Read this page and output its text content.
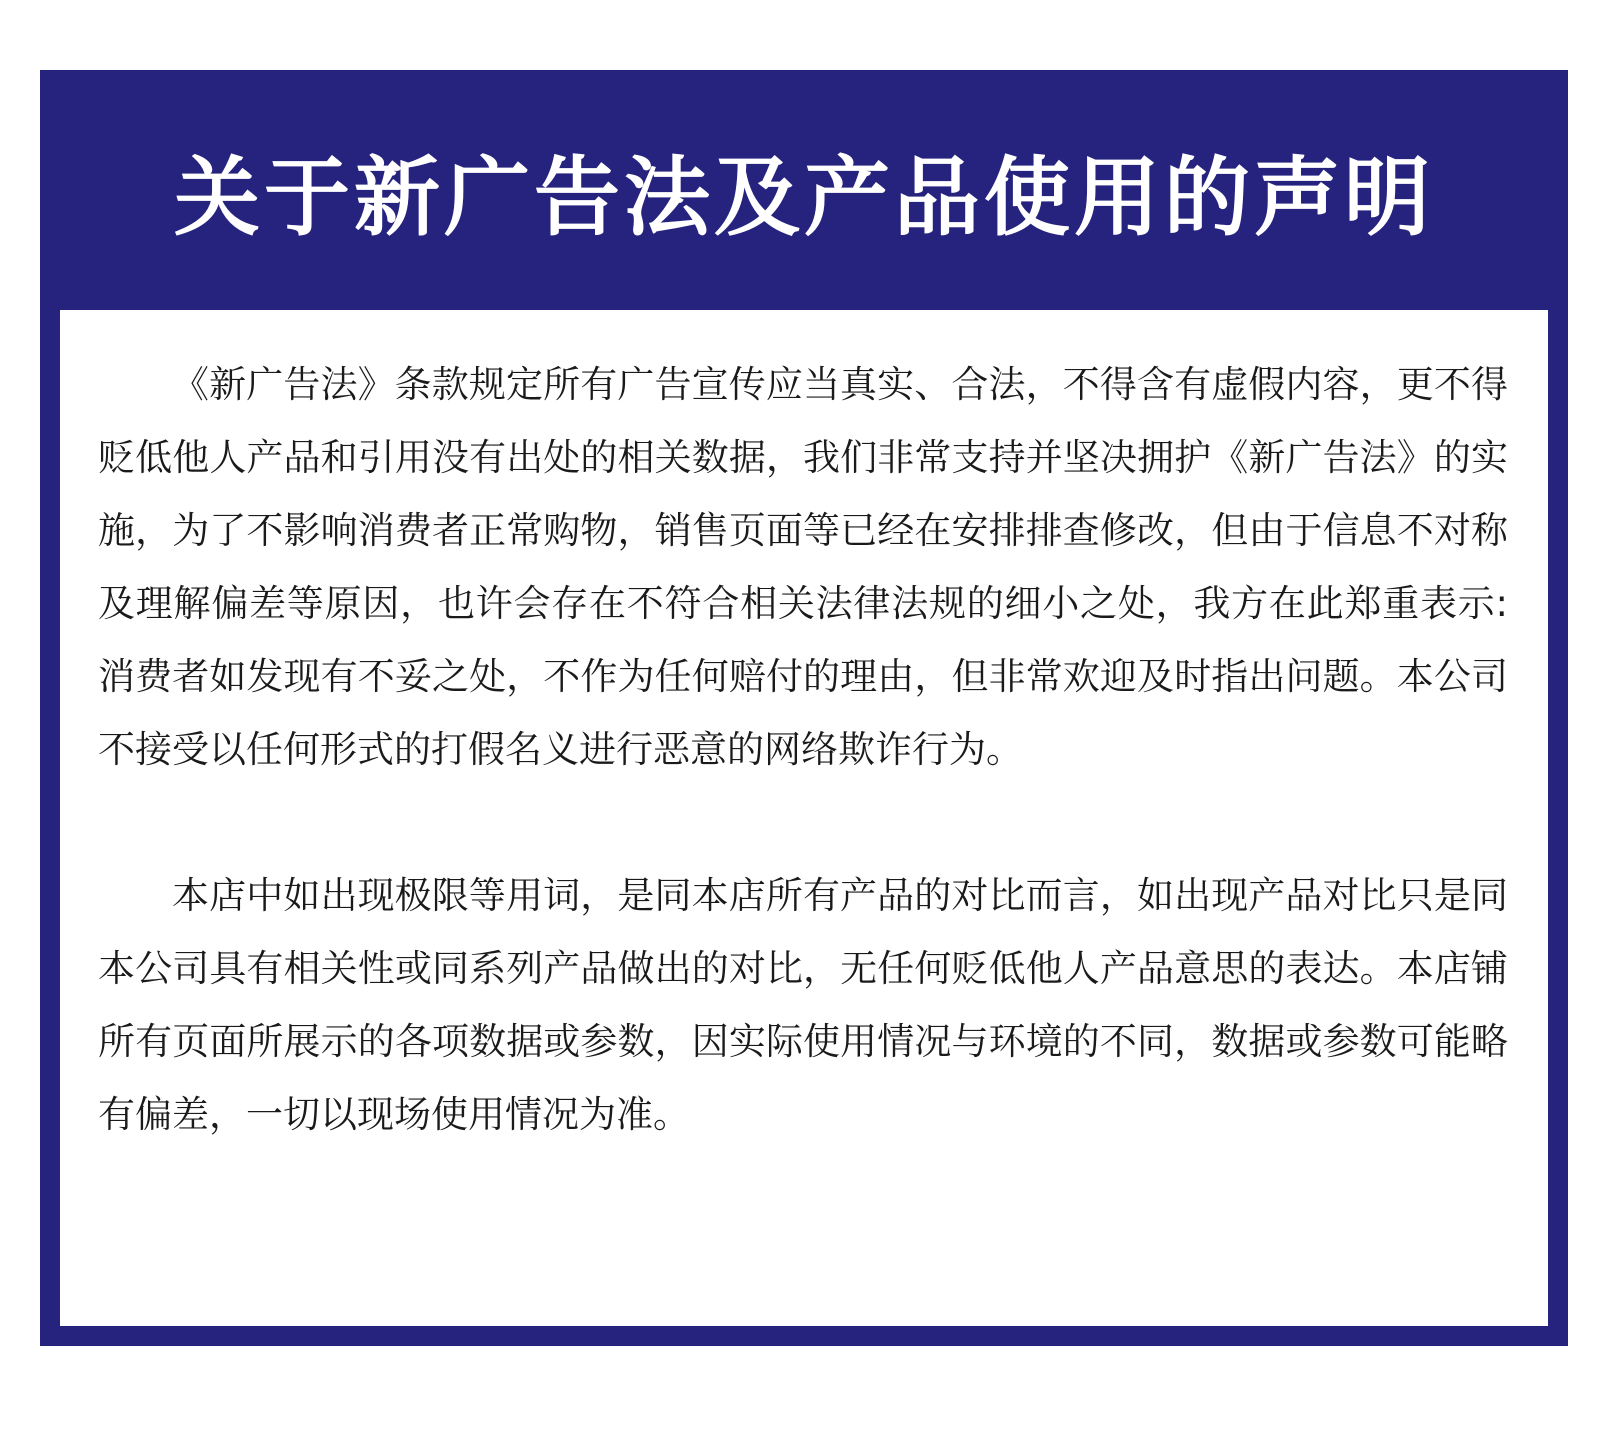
关于新广告法及产品使用的声明

《新广告法》条款规定所有广告宣传应当真实、合法，不得含有虚假内容，更不得贬低他人产品和引用没有出处的相关数据，我们非常支持并坚决拥护《新广告法》的实施，为了不影响消费者正常购物，销售页面等已经在安排排查修改，但由于信息不对称及理解偏差等原因，也许会存在不符合相关法律法规的细小之处，我方在此郑重表示:消费者如发现有不妥之处，不作为任何赔付的理由，但非常欢迎及时指出问题。本公司不接受以任何形式的打假名义进行恶意的网络欺诈行为。

本店中如出现极限等用词，是同本店所有产品的对比而言，如出现产品对比只是同本公司具有相关性或同系列产品做出的对比，无任何贬低他人产品意思的表达。本店铺所有页面所展示的各项数据或参数，因实际使用情况与环境的不同，数据或参数可能略有偏差，一切以现场使用情况为准。
